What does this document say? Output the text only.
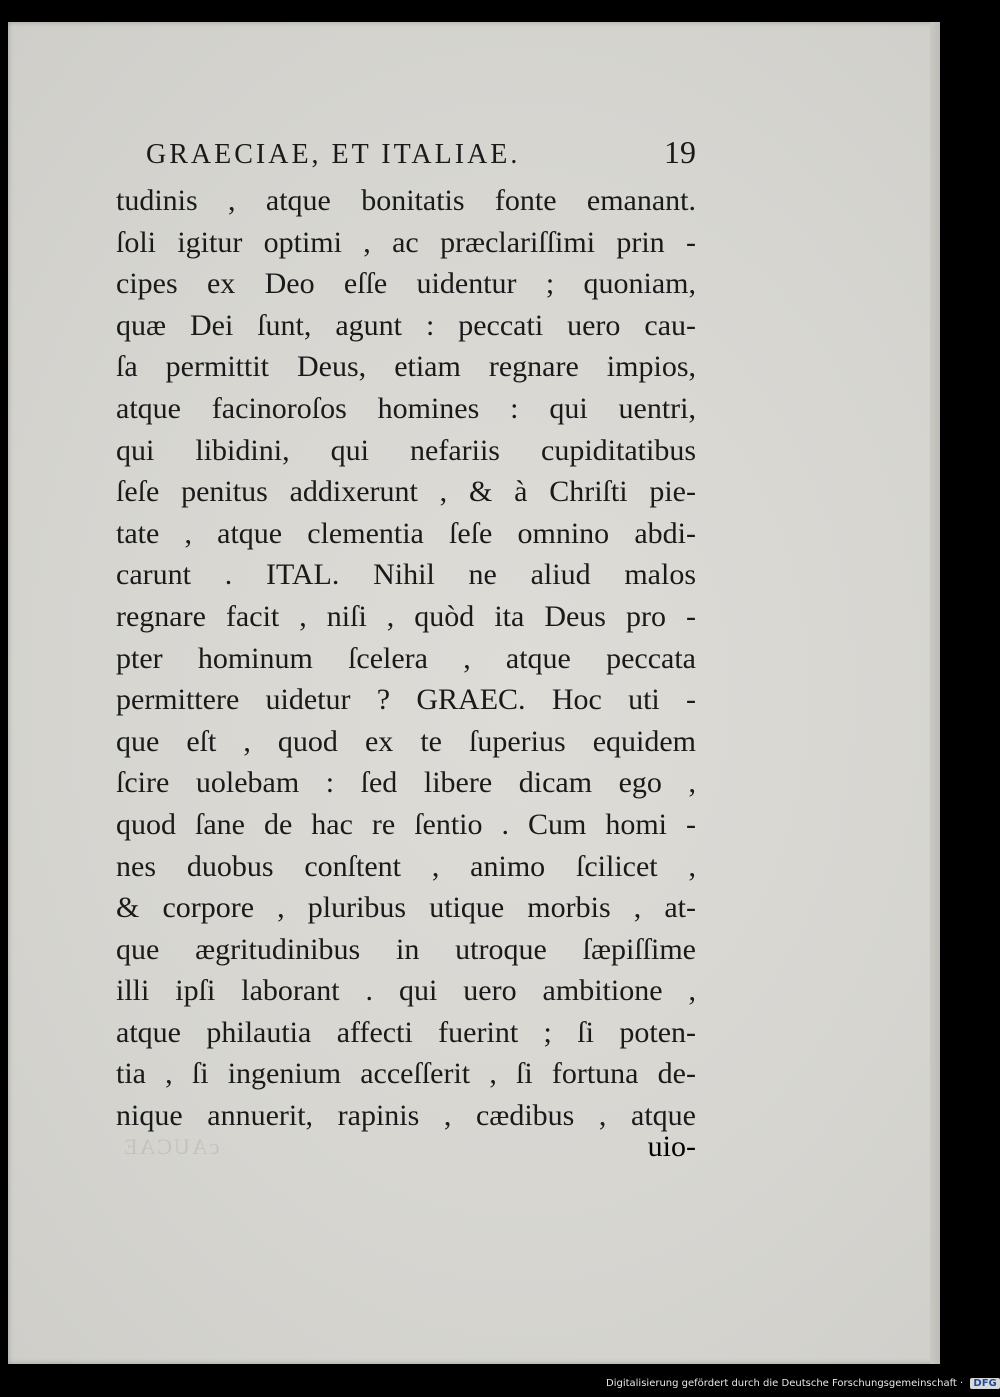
GRAECIAE, ET ITALIAE.	19
tudinis , atque bonitatis fonte emanant.
ſoli igitur optimi , ac præclariſſimi prin -
cipes ex Deo eſſe uidentur ; quoniam,
quæ Dei ſunt, agunt : peccati uero cau-
ſa permittit Deus, etiam regnare impios,
atque facinoroſos homines : qui uentri,
qui libidini, qui nefariis cupiditatibus
ſeſe penitus addixerunt , & à Chriſti pie-
tate , atque clementia ſeſe omnino abdi-
carunt . ITAL. Nihil ne aliud malos
regnare facit , niſi , quòd ita Deus pro -
pter hominum ſcelera , atque peccata
permittere uidetur ? GRAEC. Hoc uti -
que eſt , quod ex te ſuperius equidem
ſcire uolebam : ſed libere dicam ego ,
quod ſane de hac re ſentio . Cum homi -
nes duobus conſtent , animo ſcilicet ,
& corpore , pluribus utique morbis , at-
que ægritudinibus in utroque ſæpiſſime
illi ipſi laborant . qui uero ambitione ,
atque philautia affecti fuerint ; ſi poten-
tia , ſi ingenium acceſſerit , ſi fortuna de-
nique annuerit, rapinis , cædibus , atque
cAUCAE	uio-
Digitalisierung gefördert durch die Deutsche Forschungsgemeinschaft · DFG
